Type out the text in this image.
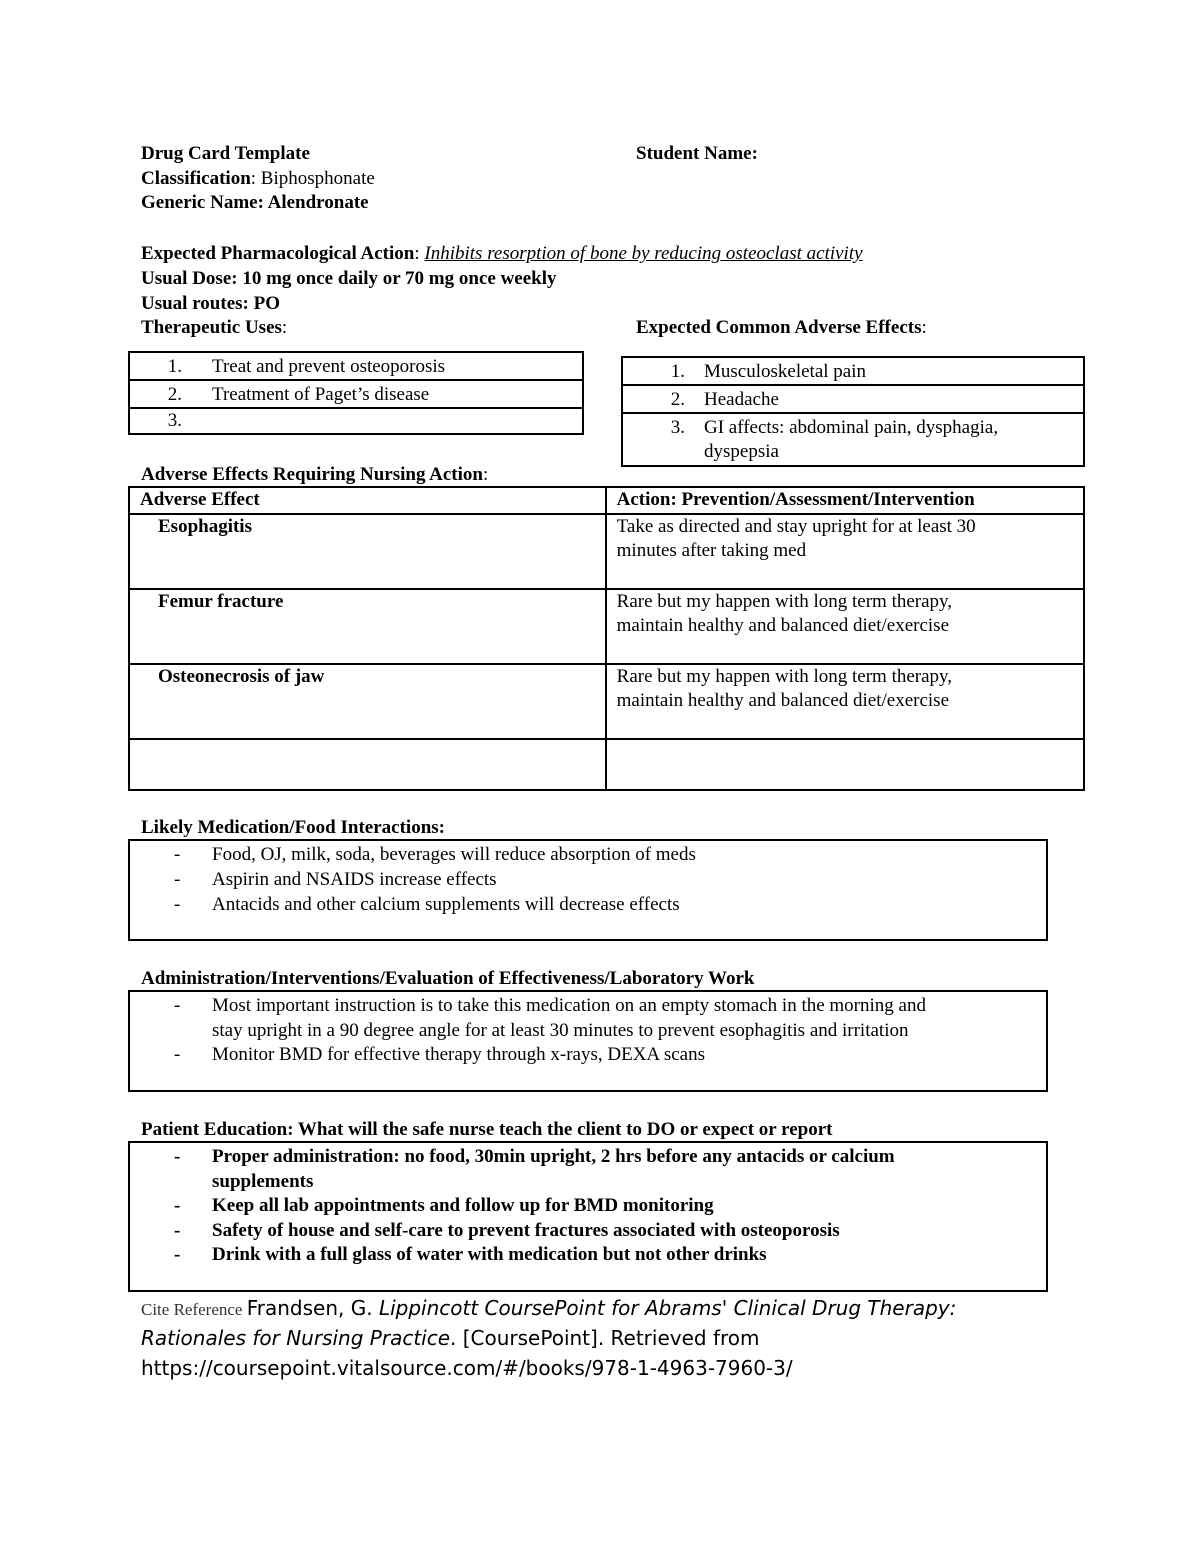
Drug Card Template	Student Name:
Classification: Biphosphonate
Generic Name: Alendronate
Expected Pharmacological Action: Inhibits resorption of bone by reducing osteoclast activity
Usual Dose: 10 mg once daily or 70 mg once weekly
Usual routes: PO
Therapeutic Uses:	Expected Common Adverse Effects:
1. Treat and prevent osteoporosis
2. Treatment of Paget’s disease
3.
1. Musculoskeletal pain
2. Headache
3. GI affects: abdominal pain, dysphagia,
dyspepsia
Adverse Effects Requiring Nursing Action:
Adverse Effect	Action: Prevention/Assessment/Intervention
Esophagitis	Take as directed and stay upright for at least 30
minutes after taking med

Femur fracture	Rare but my happen with long term therapy,
maintain healthy and balanced diet/exercise

Osteonecrosis of jaw	Rare but my happen with long term therapy,
maintain healthy and balanced diet/exercise

Likely Medication/Food Interactions:
-	Food, OJ, milk, soda, beverages will reduce absorption of meds
-	Aspirin and NSAIDS increase effects
-	Antacids and other calcium supplements will decrease effects
Administration/Interventions/Evaluation of Effectiveness/Laboratory Work
-	Most important instruction is to take this medication on an empty stomach in the morning and
stay upright in a 90 degree angle for at least 30 minutes to prevent esophagitis and irritation
-	Monitor BMD for effective therapy through x-rays, DEXA scans
Patient Education: What will the safe nurse teach the client to DO or expect or report
-	Proper administration: no food, 30min upright, 2 hrs before any antacids or calcium
supplements
-	Keep all lab appointments and follow up for BMD monitoring
-	Safety of house and self-care to prevent fractures associated with osteoporosis
-	Drink with a full glass of water with medication but not other drinks
Cite Reference Frandsen, G. Lippincott CoursePoint for Abrams' Clinical Drug Therapy:
Rationales for Nursing Practice. [CoursePoint]. Retrieved from
https://coursepoint.vitalsource.com/#/books/978-1-4963-7960-3/
